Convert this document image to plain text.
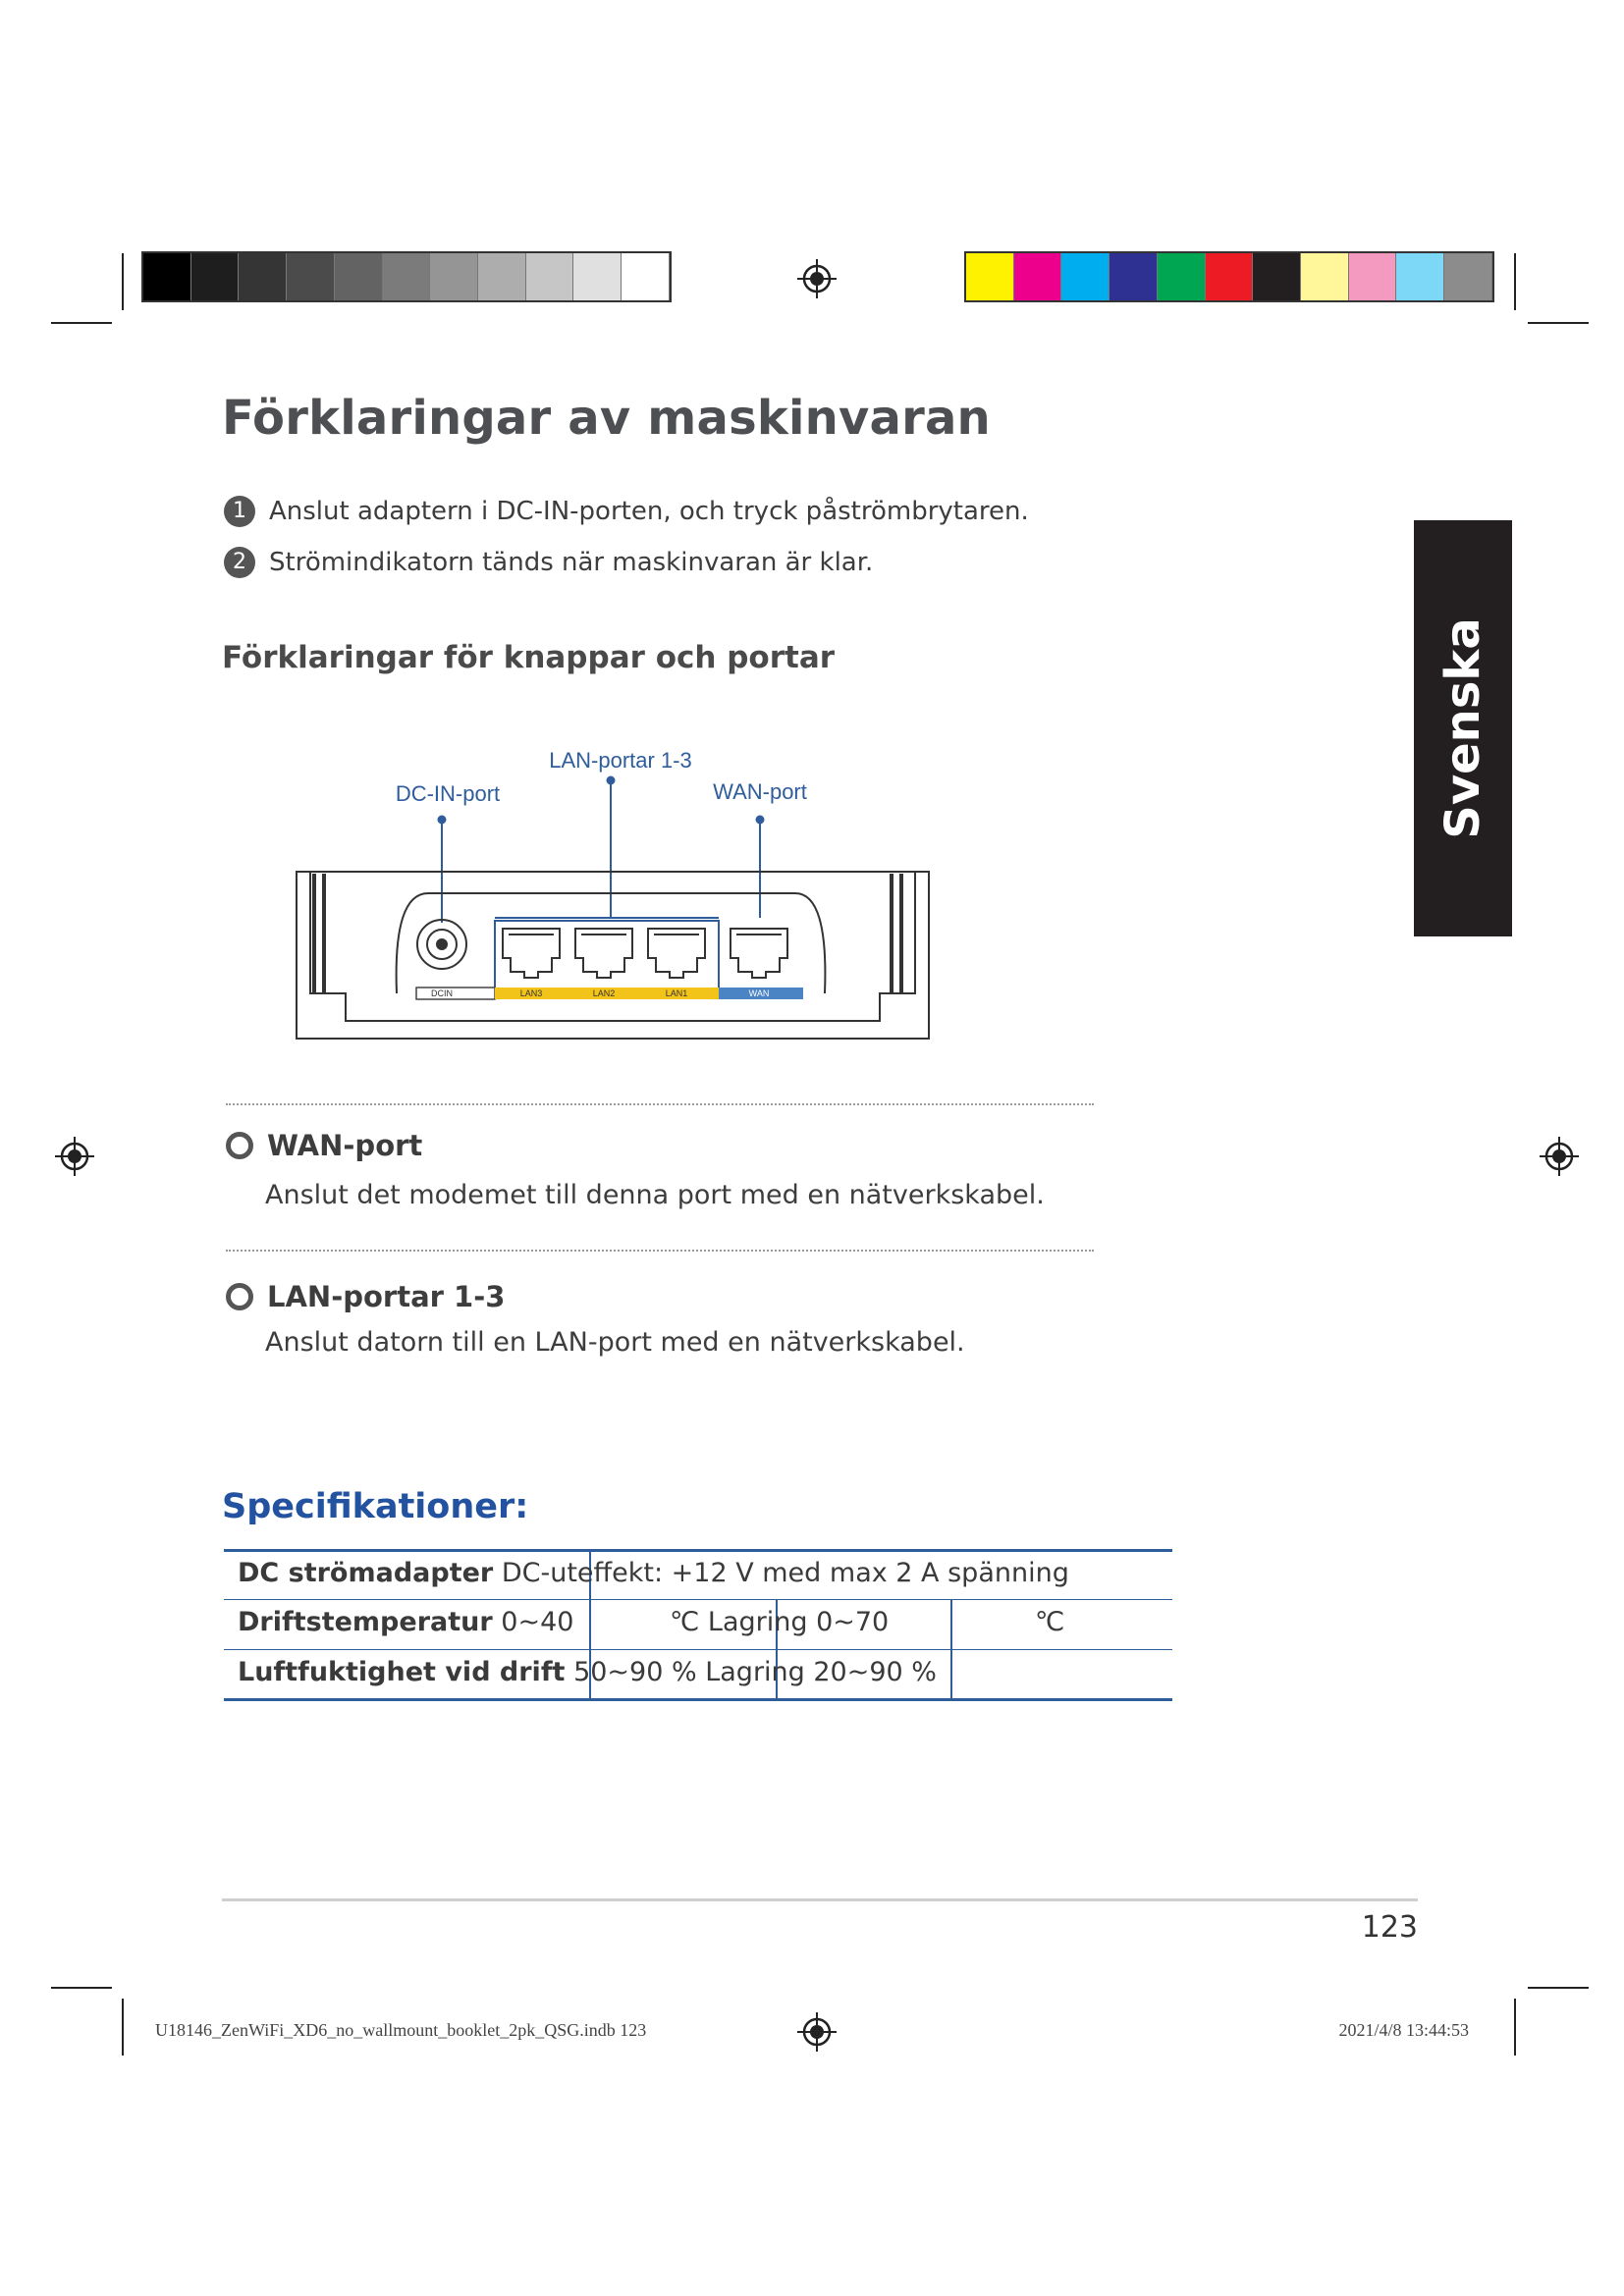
Förklaringar av maskinvaran
1 Anslut adaptern i DC-IN-porten, och tryck påströmbrytaren.
2 Strömindikatorn tänds när maskinvaran är klar.
Förklaringar för knappar och portar	Svenska
LAN-portar 1-3
DC-IN-port	WAN-port
DCIN	LAN3	LAN2	LAN1	WAN
WAN-port
Anslut det modemet till denna port med en nätverkskabel.
LAN-portar 1-3
Anslut datorn till en LAN-port med en nätverkskabel.
Specifikationer:
DC strömadapter DC-uteffekt: +12 V med max 2 A spänning
Driftstemperatur 0~40	℃ Lagring 0~70	℃
Luftfuktighet vid drift 50~90 % Lagring 20~90 %
123
U18146_ZenWiFi_XD6_no_wallmount_booklet_2pk_QSG.indb 123	2021/4/8 13:44:53
